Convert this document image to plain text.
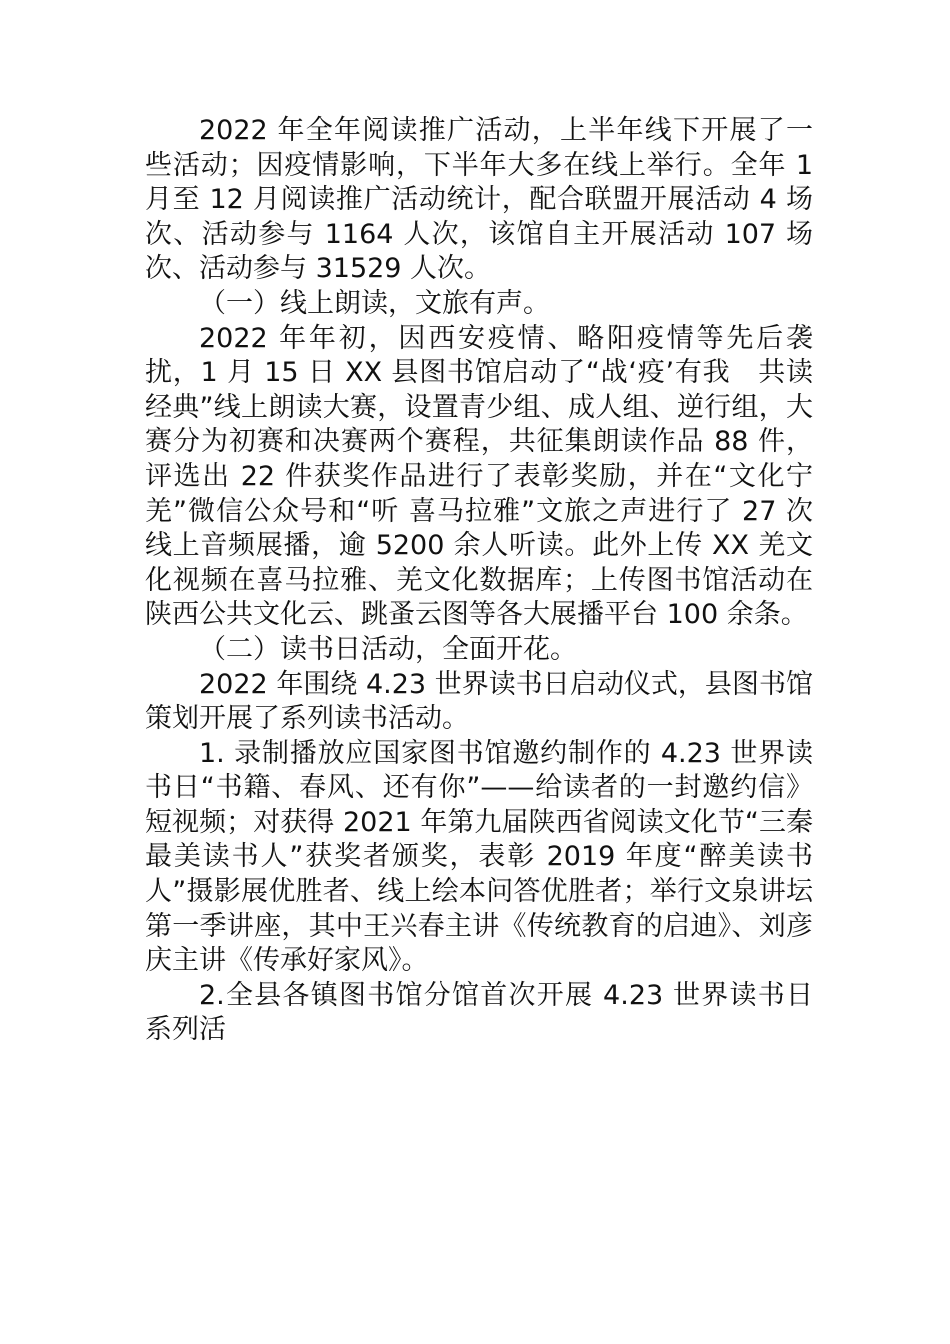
2022 年全年阅读推广活动，上半年线下开展了一些活动；因疫情影响，下半年大多在线上举行。全年 1 月至 12 月阅读推广活动统计，配合联盟开展活动 4 场次、活动参与 1164 人次，该馆自主开展活动 107 场次、活动参与 31529 人次。

（一）线上朗读，文旅有声。

2022 年年初，因西安疫情、略阳疫情等先后袭扰，1 月 15 日 XX 县图书馆启动了“战‘疫’有我　共读经典”线上朗读大赛，设置青少组、成人组、逆行组，大赛分为初赛和决赛两个赛程，共征集朗读作品 88 件，评选出 22 件获奖作品进行了表彰奖励，并在“文化宁羌”微信公众号和“听 喜马拉雅”文旅之声进行了 27 次线上音频展播，逾 5200 余人听读。此外上传 XX 羌文化视频在喜马拉雅、羌文化数据库；上传图书馆活动在陕西公共文化云、跳蚤云图等各大展播平台 100 余条。

（二）读书日活动，全面开花。

2022 年围绕 4.23 世界读书日启动仪式，县图书馆策划开展了系列读书活动。

1. 录制播放应国家图书馆邀约制作的 4.23 世界读书日“书籍、春风、还有你”——给读者的一封邀约信》短视频；对获得 2021 年第九届陕西省阅读文化节“三秦最美读书人”获奖者颁奖，表彰 2019 年度“醉美读书人”摄影展优胜者、线上绘本问答优胜者；举行文泉讲坛第一季讲座，其中王兴春主讲《传统教育的启迪》、刘彦庆主讲《传承好家风》。

2.全县各镇图书馆分馆首次开展 4.23 世界读书日系列活
